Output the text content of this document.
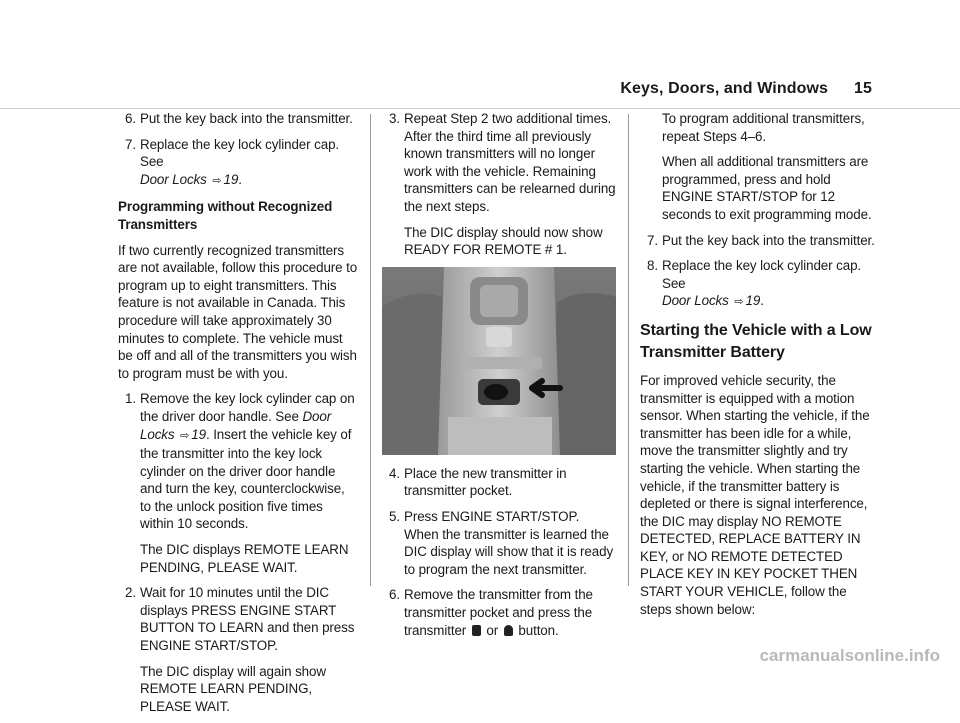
Keys, Doors, and Windows 15
6. Put the key back into the transmitter.
7. Replace the key lock cylinder cap. See
Door Locks ⇨ 19.

Programming without Recognized Transmitters

If two currently recognized transmitters are not available, follow this procedure to program up to eight transmitters. This feature is not available in Canada. This procedure will take approximately 30 minutes to complete. The vehicle must be off and all of the transmitters you wish to program must be with you.

1. Remove the key lock cylinder cap on the driver door handle. See Door Locks ⇨ 19. Insert the vehicle key of the transmitter into the key lock cylinder on the driver door handle and turn the key, counterclockwise, to the unlock position five times within 10 seconds.

The DIC displays REMOTE LEARN PENDING, PLEASE WAIT.

2. Wait for 10 minutes until the DIC displays PRESS ENGINE START BUTTON TO LEARN and then press ENGINE START/STOP.

The DIC display will again show REMOTE LEARN PENDING, PLEASE WAIT.

3. Repeat Step 2 two additional times. After the third time all previously known transmitters will no longer work with the vehicle. Remaining transmitters can be relearned during the next steps.

The DIC display should now show READY FOR REMOTE # 1.

4. Place the new transmitter in transmitter pocket.
5. Press ENGINE START/STOP. When the transmitter is learned the DIC display will show that it is ready to program the next transmitter.
6. Remove the transmitter from the transmitter pocket and press the transmitter or button.

To program additional transmitters, repeat Steps 4–6.

When all additional transmitters are programmed, press and hold ENGINE START/STOP for 12 seconds to exit programming mode.

7. Put the key back into the transmitter.
8. Replace the key lock cylinder cap. See
Door Locks ⇨ 19.
Starting the Vehicle with a Low Transmitter Battery

For improved vehicle security, the transmitter is equipped with a motion sensor. When starting the vehicle, if the transmitter has been idle for a while, move the transmitter slightly and try starting the vehicle. When starting the vehicle, if the transmitter battery is depleted or there is signal interference, the DIC may display NO REMOTE DETECTED, REPLACE BATTERY IN KEY, or NO REMOTE DETECTED PLACE KEY IN KEY POCKET THEN START YOUR VEHICLE, follow the steps shown below:

carmanualsonline.info
